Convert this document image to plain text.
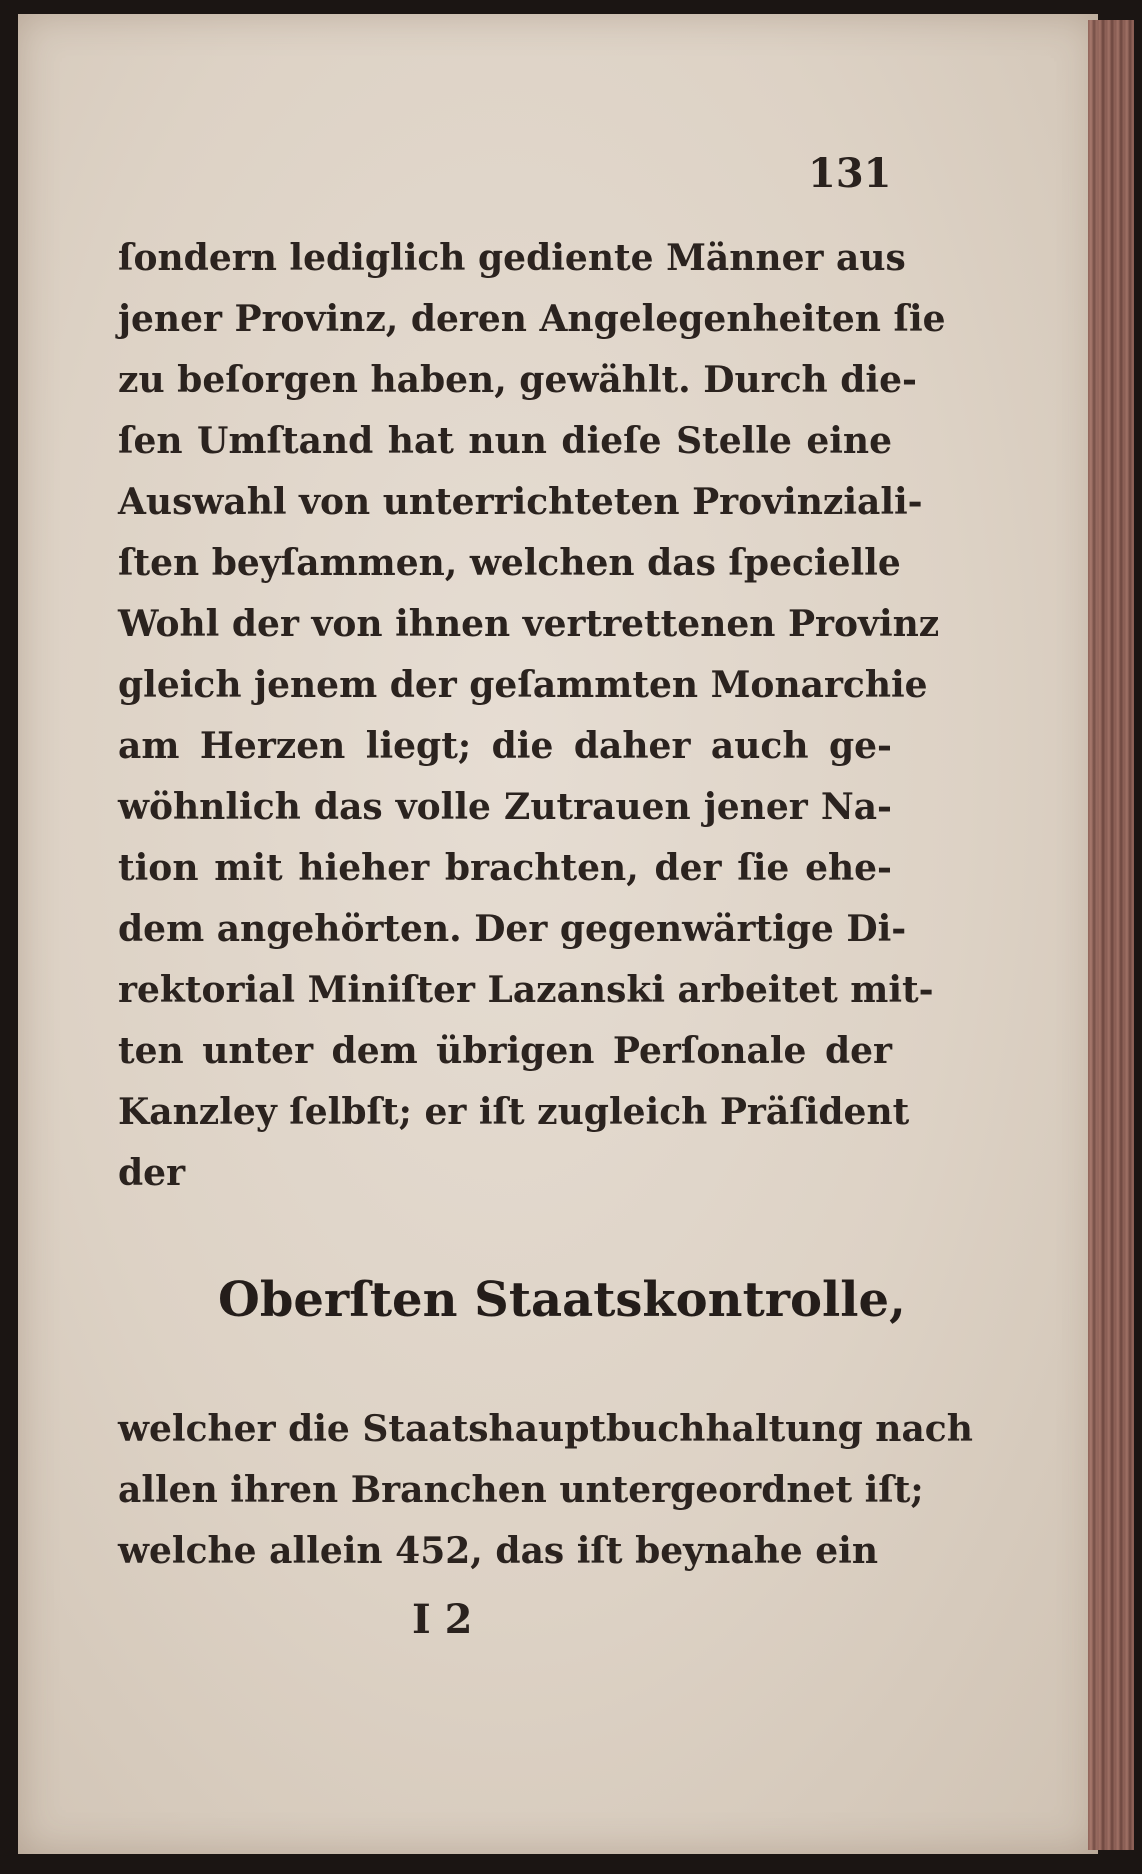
131
ſondern lediglich gediente Männer aus
jener Provinz, deren Angelegenheiten ſie
zu beſorgen haben, gewählt. Durch die-
ſen Umſtand hat nun dieſe Stelle eine
Auswahl von unterrichteten Provinziali-
ſten beyſammen, welchen das ſpecielle
Wohl der von ihnen vertrettenen Provinz
gleich jenem der geſammten Monarchie
am Herzen liegt; die daher auch ge-
wöhnlich das volle Zutrauen jener Na-
tion mit hieher brachten, der ſie ehe-
dem angehörten. Der gegenwärtige Di-
rektorial Miniſter Lazanski arbeitet mit-
ten unter dem übrigen Perſonale der
Kanzley ſelbſt; er iſt zugleich Präſident
der
Oberſten Staatskontrolle,
welcher die Staatshauptbuchhaltung nach
allen ihren Branchen untergeordnet iſt;
welche allein 452, das iſt beynahe ein
I 2
